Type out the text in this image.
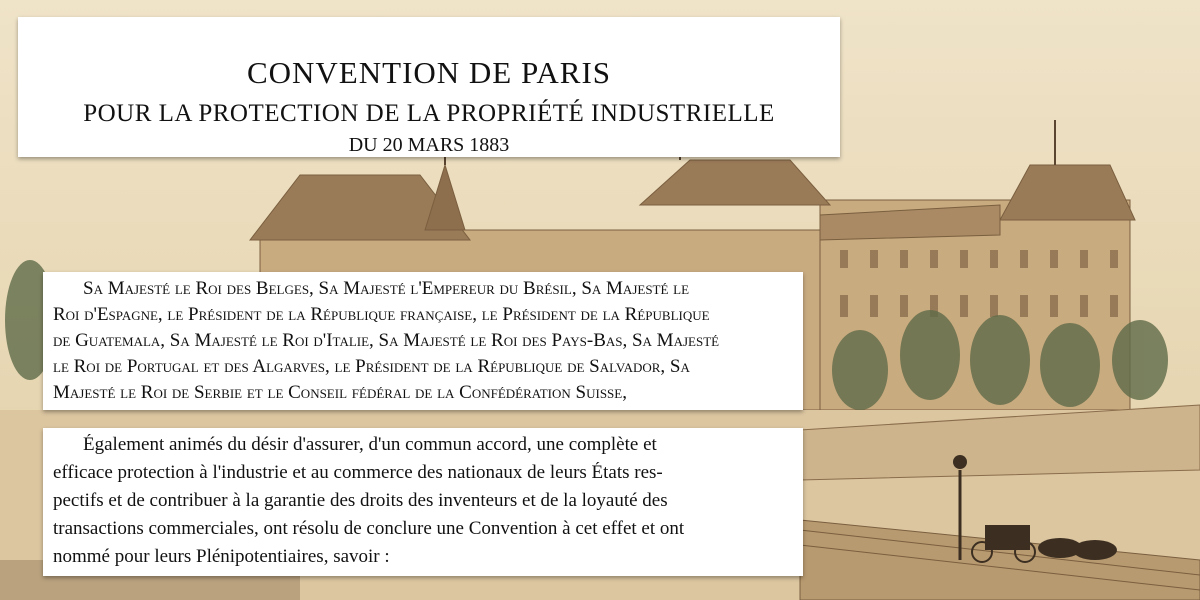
CONVENTION DE PARIS
POUR LA PROTECTION DE LA PROPRIÉTÉ INDUSTRIELLE
DU 20 MARS 1883
Sa Majesté le Roi des Belges, Sa Majesté l'Empereur du Brésil, Sa Majesté le
Roi d'Espagne, le Président de la République française, le Président de la République
de Guatemala, Sa Majesté le Roi d'Italie, Sa Majesté le Roi des Pays-Bas, Sa Majesté
le Roi de Portugal et des Algarves, le Président de la République de Salvador, Sa
Majesté le Roi de Serbie et le Conseil fédéral de la Confédération Suisse,
Également animés du désir d'assurer, d'un commun accord, une complète et
efficace protection à l'industrie et au commerce des nationaux de leurs États res-
pectifs et de contribuer à la garantie des droits des inventeurs et de la loyauté des
transactions commerciales, ont résolu de conclure une Convention à cet effet et ont
nommé pour leurs Plénipotentiaires, savoir :
